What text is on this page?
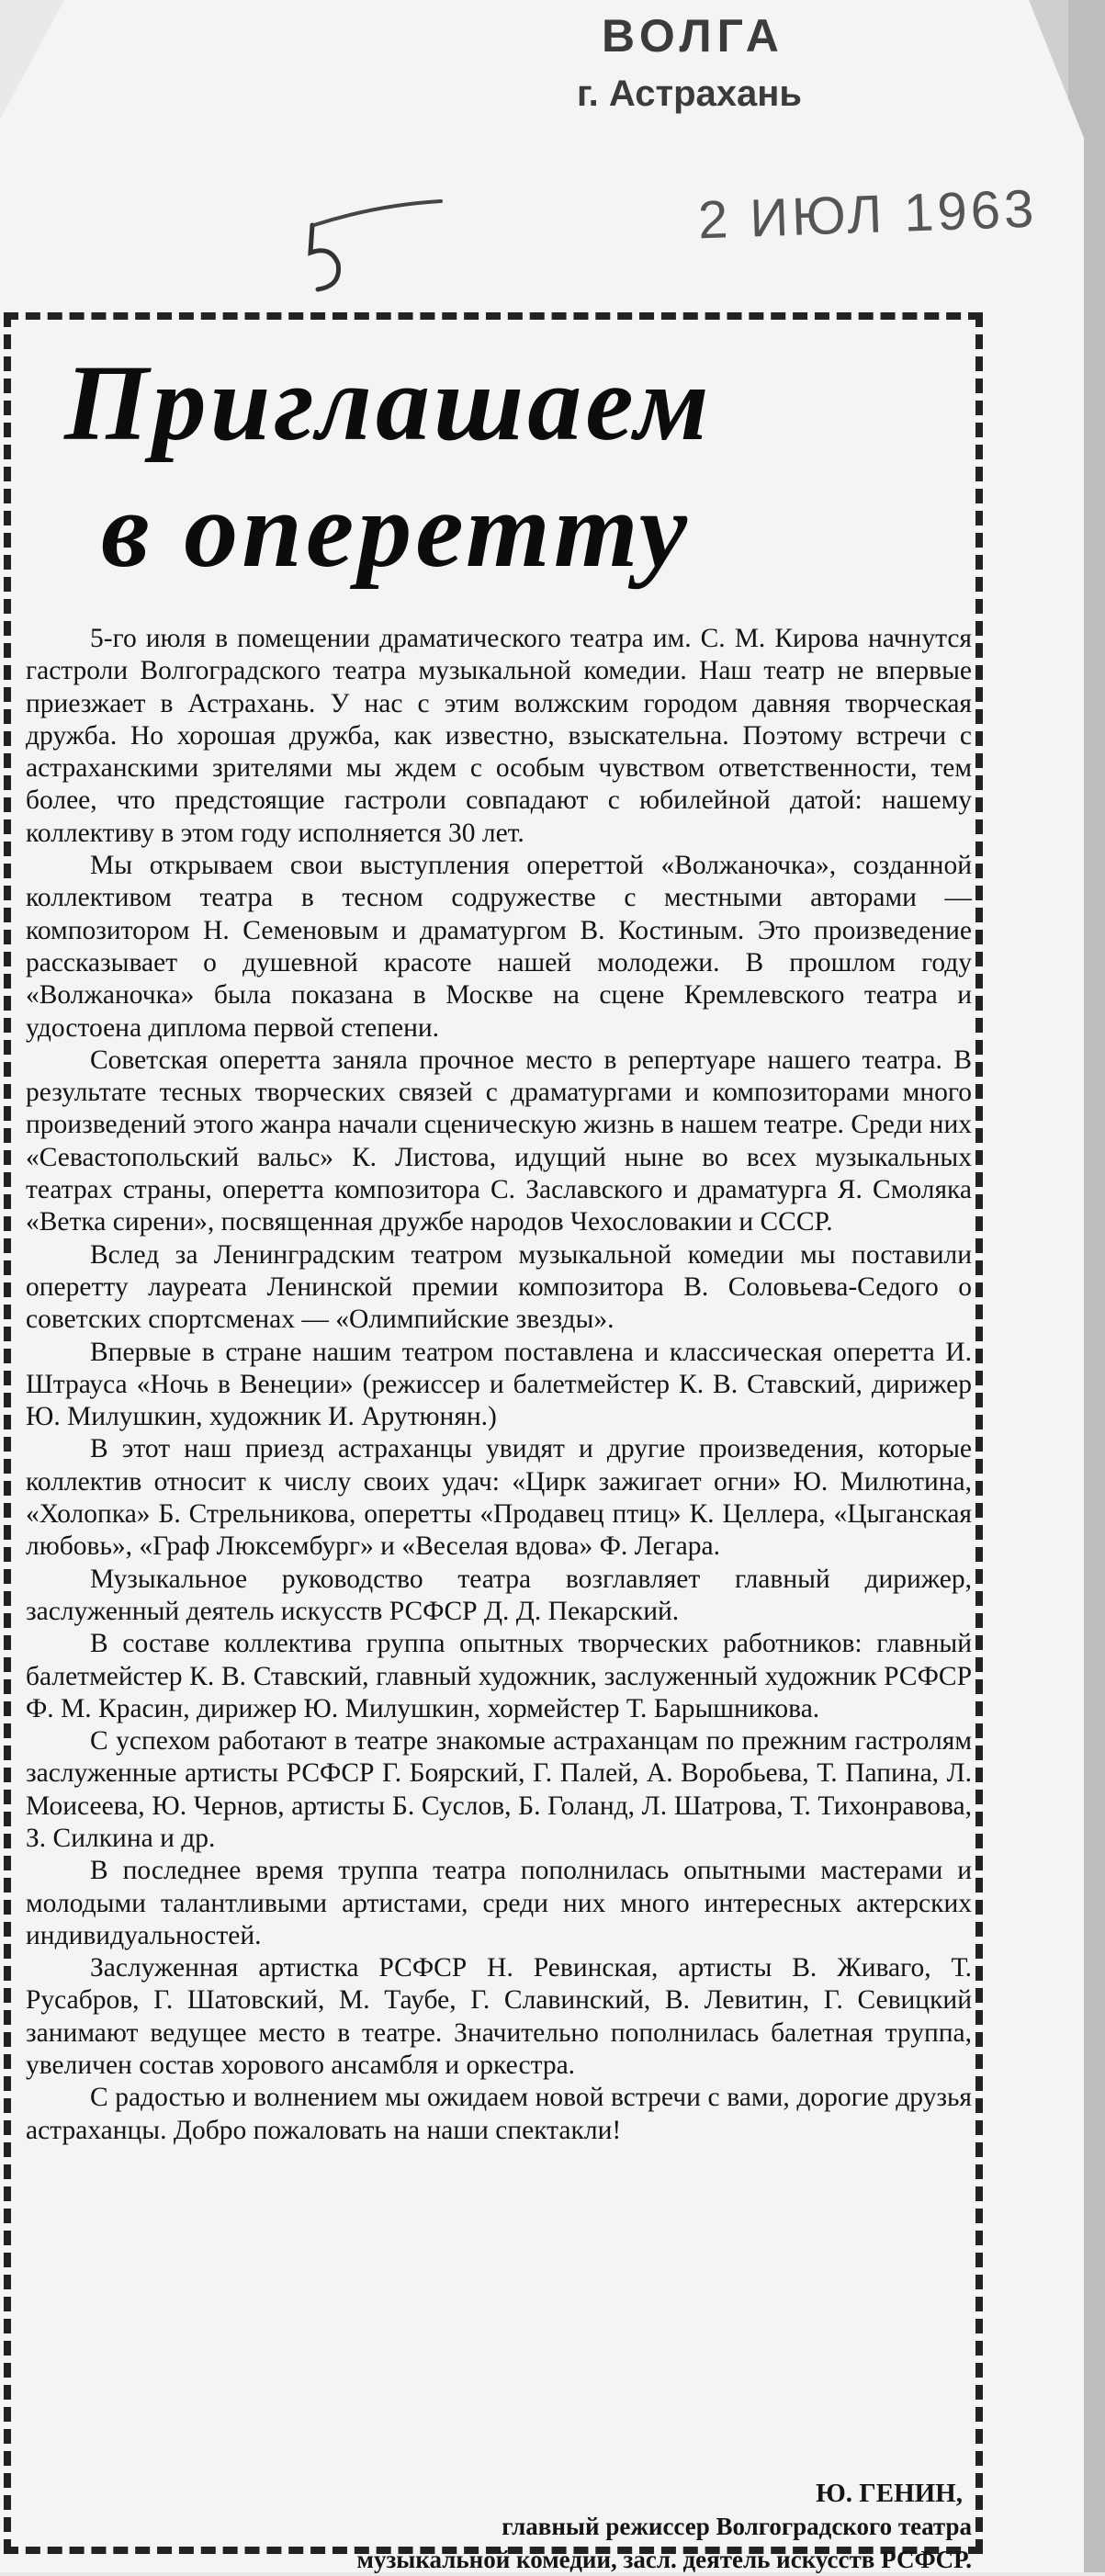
ВОЛГА
г. Астрахань
2 ИЮЛ 1963
Приглашаем
в оперетту

5-го июля в помещении драматического театра им. С. М. Кирова начнутся гастроли Волгоградского театра музыкальной комедии. Наш театр не впервые приезжает в Астрахань. У нас с этим волжским городом давняя творческая дружба. Но хорошая дружба, как известно, взыскательна. Поэтому встречи с астраханскими зрителями мы ждем с особым чувством ответственности, тем более, что предстоящие гастроли совпадают с юбилейной датой: нашему коллективу в этом году исполняется 30 лет.

Мы открываем свои выступления опереттой «Волжаночка», созданной коллективом театра в тесном содружестве с местными авторами — композитором Н. Семеновым и драматургом В. Костиным. Это произведение рассказывает о душевной красоте нашей молодежи. В прошлом году «Волжаночка» была показана в Москве на сцене Кремлевского театра и удостоена диплома первой степени.

Советская оперетта заняла прочное место в репертуаре нашего театра. В результате тесных творческих связей с драматургами и композиторами много произведений этого жанра начали сценическую жизнь в нашем театре. Среди них «Севастопольский вальс» К. Листова, идущий ныне во всех музыкальных театрах страны, оперетта композитора С. Заславского и драматурга Я. Смоляка «Ветка сирени», посвященная дружбе народов Чехословакии и СССР.

Вслед за Ленинградским театром музыкальной комедии мы поставили оперетту лауреата Ленинской премии композитора В. Соловьева-Седого о советских спортсменах — «Олимпийские звезды».

Впервые в стране нашим театром поставлена и классическая оперетта И. Штрауса «Ночь в Венеции» (режиссер и балетмейстер К. В. Ставский, дирижер Ю. Милушкин, художник И. Арутюнян.)

В этот наш приезд астраханцы увидят и другие произведения, которые коллектив относит к числу своих удач: «Цирк зажигает огни» Ю. Милютина, «Холопка» Б. Стрельникова, оперетты «Продавец птиц» К. Целлера, «Цыганская любовь», «Граф Люксембург» и «Веселая вдова» Ф. Легара.

Музыкальное руководство театра возглавляет главный дирижер, заслуженный деятель искусств РСФСР Д. Д. Пекарский.

В составе коллектива группа опытных творческих работников: главный балетмейстер К. В. Ставский, главный художник, заслуженный художник РСФСР Ф. М. Красин, дирижер Ю. Милушкин, хормейстер Т. Барышникова.

С успехом работают в театре знакомые астраханцам по прежним гастролям заслуженные артисты РСФСР Г. Боярский, Г. Палей, А. Воробьева, Т. Папина, Л. Моисеева, Ю. Чернов, артисты Б. Суслов, Б. Голанд, Л. Шатрова, Т. Тихонравова, З. Силкина и др.

В последнее время труппа театра пополнилась опытными мастерами и молодыми талантливыми артистами, среди них много интересных актерских индивидуальностей.

Заслуженная артистка РСФСР Н. Ревинская, артисты В. Живаго, Т. Русабров, Г. Шатовский, М. Таубе, Г. Славинский, В. Левитин, Г. Севицкий занимают ведущее место в театре. Значительно пополнилась балетная труппа, увеличен состав хорового ансамбля и оркестра.

С радостью и волнением мы ожидаем новой встречи с вами, дорогие друзья астраханцы. Добро пожаловать на наши спектакли!

Ю. ГЕНИН,
главный режиссер Волгоградского театра
музыкальной комедии, засл. деятель искусств РСФСР.
